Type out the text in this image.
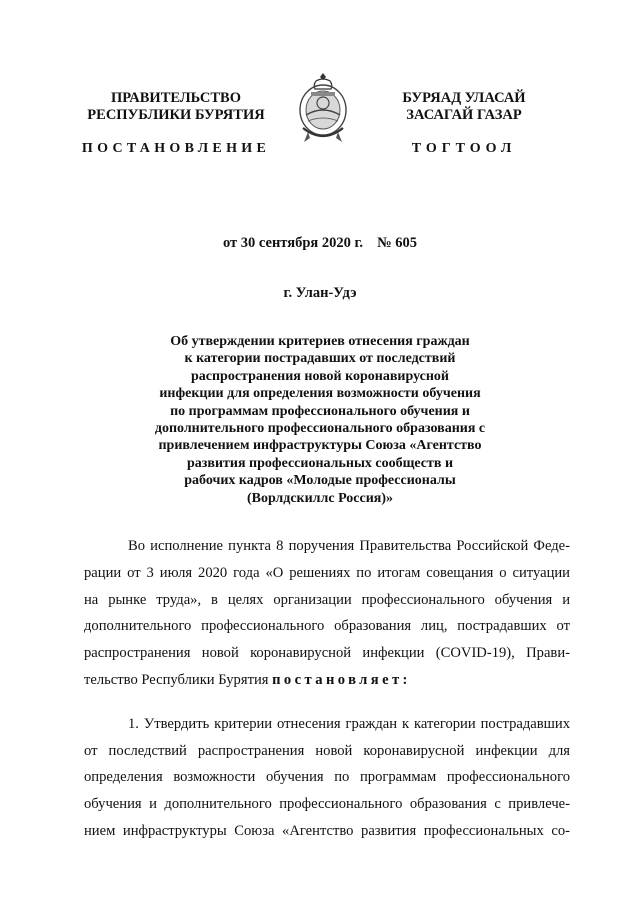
ПРАВИТЕЛЬСТВО
РЕСПУБЛИКИ БУРЯТИЯ
ПОСТАНОВЛЕНИЕ
БУРЯАД УЛАСАЙ
ЗАСАГАЙ ГАЗАР
ТОГТООЛ
от 30 сентября 2020 г. № 605
г. Улан-Удэ
Об утверждении критериев отнесения граждан
к категории пострадавших от последствий
распространения новой коронавирусной
инфекции для определения возможности обучения
по программам профессионального обучения и
дополнительного профессионального образования с
привлечением инфраструктуры Союза «Агентство
развития профессиональных сообществ и
рабочих кадров «Молодые профессионалы
(Ворлдскиллс Россия)»
Во исполнение пункта 8 поручения Правительства Российской Феде-
рации от 3 июля 2020 года «О решениях по итогам совещания о ситуации
на рынке труда», в целях организации профессионального обучения и
дополнительного профессионального образования лиц, пострадавших от
распространения новой коронавирусной инфекции (COVID-19), Прави-
тельство Республики Бурятия постановляет:
1. Утвердить критерии отнесения граждан к категории пострадавших
от последствий распространения новой коронавирусной инфекции для
определения возможности обучения по программам профессионального
обучения и дополнительного профессионального образования с привлече-
нием инфраструктуры Союза «Агентство развития профессиональных со-
